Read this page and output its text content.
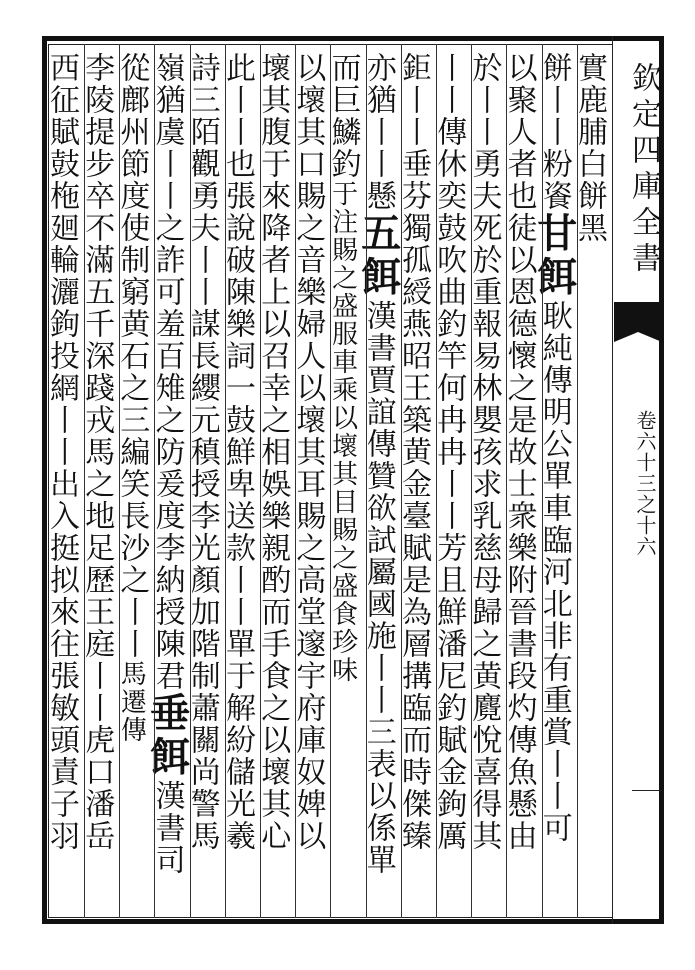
欽定四庫全書
卷六十三之十六
實鹿脯白餅黑
餅丨丨粉餈甘餌耿純傳明公單車臨河北非有重賞丨丨可
以聚人者也徒以恩德懷之是故士衆樂附晉書段灼傳魚懸由
於丨丨勇夫死於重報易林嬰孩求乳慈母歸之黄麑悅喜得其
丨丨傳休奕鼓吹曲釣竿何冉冉丨丨芳且鮮潘尼釣賦金鉤厲
鉅丨丨垂芬獨孤綬燕昭王築黄金臺賦是為層搆臨而時傑臻
亦猶丨丨懸五餌漢書賈誼傳贊欲試屬國施丨丨三表以係單
而巨鱗釣于注賜之盛服車乘以壞其目賜之盛食珍味
以壞其口賜之音樂婦人以壞其耳賜之高堂邃宇府庫奴婢以
壞其腹于來降者上以召幸之相娛樂親酌而手食之以壞其心
此丨丨也張說破陳樂詞一鼓鮮卑送款丨丨單于解紛儲光羲
詩三陌觀勇夫丨丨謀長纓元稹授李光顏加階制蕭關尚警馬
嶺猶虞丨丨之詐可羞百雉之防爰度李納授陳君垂餌漢書司
從鄜州節度使制窮黄石之三編笑長沙之丨丨馬遷傳
李陵提步卒不滿五千深踐戎馬之地足歷王庭丨丨虎口潘岳
西征賦鼓柂廻輪灑鉤投網丨丨出入挺拟來往張敏頭責子羽
